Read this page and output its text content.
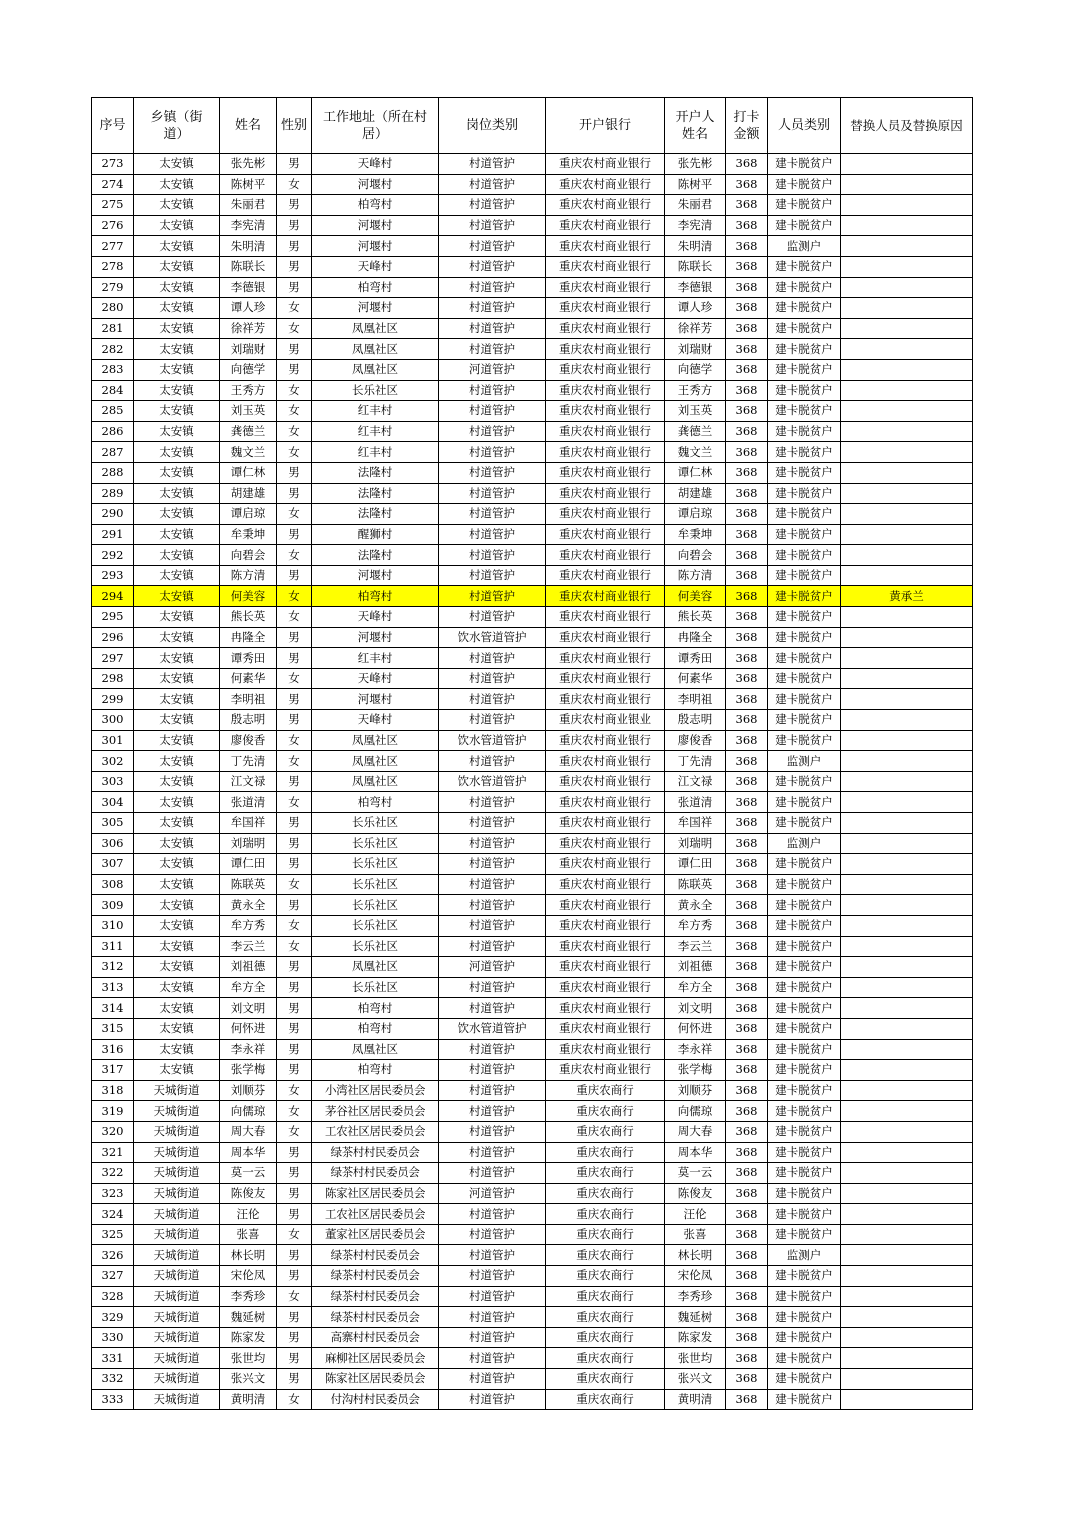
序号	乡镇（街道）	姓名	性别	工作地址（所在村居）	岗位类别	开户银行	开户人姓名	打卡金额	人员类别	替换人员及替换原因
273	太安镇	张先彬	男	天峰村	村道管护	重庆农村商业银行	张先彬	368	建卡脱贫户	
274	太安镇	陈树平	女	河堰村	村道管护	重庆农村商业银行	陈树平	368	建卡脱贫户	
275	太安镇	朱丽君	男	柏弯村	村道管护	重庆农村商业银行	朱丽君	368	建卡脱贫户	
276	太安镇	李宪清	男	河堰村	村道管护	重庆农村商业银行	李宪清	368	建卡脱贫户	
277	太安镇	朱明清	男	河堰村	村道管护	重庆农村商业银行	朱明清	368	监测户	
278	太安镇	陈联长	男	天峰村	村道管护	重庆农村商业银行	陈联长	368	建卡脱贫户	
279	太安镇	李德银	男	柏弯村	村道管护	重庆农村商业银行	李德银	368	建卡脱贫户	
280	太安镇	谭人珍	女	河堰村	村道管护	重庆农村商业银行	谭人珍	368	建卡脱贫户	
281	太安镇	徐祥芳	女	凤凰社区	村道管护	重庆农村商业银行	徐祥芳	368	建卡脱贫户	
282	太安镇	刘瑞财	男	凤凰社区	村道管护	重庆农村商业银行	刘瑞财	368	建卡脱贫户	
283	太安镇	向德学	男	凤凰社区	河道管护	重庆农村商业银行	向德学	368	建卡脱贫户	
284	太安镇	王秀方	女	长乐社区	村道管护	重庆农村商业银行	王秀方	368	建卡脱贫户	
285	太安镇	刘玉英	女	红丰村	村道管护	重庆农村商业银行	刘玉英	368	建卡脱贫户	
286	太安镇	龚德兰	女	红丰村	村道管护	重庆农村商业银行	龚德兰	368	建卡脱贫户	
287	太安镇	魏文兰	女	红丰村	村道管护	重庆农村商业银行	魏文兰	368	建卡脱贫户	
288	太安镇	谭仁林	男	法隆村	村道管护	重庆农村商业银行	谭仁林	368	建卡脱贫户	
289	太安镇	胡建雄	男	法隆村	村道管护	重庆农村商业银行	胡建雄	368	建卡脱贫户	
290	太安镇	谭启琼	女	法隆村	村道管护	重庆农村商业银行	谭启琼	368	建卡脱贫户	
291	太安镇	牟秉坤	男	醒狮村	村道管护	重庆农村商业银行	牟秉坤	368	建卡脱贫户	
292	太安镇	向碧会	女	法隆村	村道管护	重庆农村商业银行	向碧会	368	建卡脱贫户	
293	太安镇	陈方清	男	河堰村	村道管护	重庆农村商业银行	陈方清	368	建卡脱贫户	
294	太安镇	何美容	女	柏弯村	村道管护	重庆农村商业银行	何美容	368	建卡脱贫户	黄承兰
295	太安镇	熊长英	女	天峰村	村道管护	重庆农村商业银行	熊长英	368	建卡脱贫户	
296	太安镇	冉隆全	男	河堰村	饮水管道管护	重庆农村商业银行	冉隆全	368	建卡脱贫户	
297	太安镇	谭秀田	男	红丰村	村道管护	重庆农村商业银行	谭秀田	368	建卡脱贫户	
298	太安镇	何素华	女	天峰村	村道管护	重庆农村商业银行	何素华	368	建卡脱贫户	
299	太安镇	李明祖	男	河堰村	村道管护	重庆农村商业银行	李明祖	368	建卡脱贫户	
300	太安镇	殷志明	男	天峰村	村道管护	重庆农村商业银业	殷志明	368	建卡脱贫户	
301	太安镇	廖俊香	女	凤凰社区	饮水管道管护	重庆农村商业银行	廖俊香	368	建卡脱贫户	
302	太安镇	丁先清	女	凤凰社区	村道管护	重庆农村商业银行	丁先清	368	监测户	
303	太安镇	江文禄	男	凤凰社区	饮水管道管护	重庆农村商业银行	江文禄	368	建卡脱贫户	
304	太安镇	张道清	女	柏弯村	村道管护	重庆农村商业银行	张道清	368	建卡脱贫户	
305	太安镇	牟国祥	男	长乐社区	村道管护	重庆农村商业银行	牟国祥	368	建卡脱贫户	
306	太安镇	刘瑞明	男	长乐社区	村道管护	重庆农村商业银行	刘瑞明	368	监测户	
307	太安镇	谭仁田	男	长乐社区	村道管护	重庆农村商业银行	谭仁田	368	建卡脱贫户	
308	太安镇	陈联英	女	长乐社区	村道管护	重庆农村商业银行	陈联英	368	建卡脱贫户	
309	太安镇	黄永全	男	长乐社区	村道管护	重庆农村商业银行	黄永全	368	建卡脱贫户	
310	太安镇	牟方秀	女	长乐社区	村道管护	重庆农村商业银行	牟方秀	368	建卡脱贫户	
311	太安镇	李云兰	女	长乐社区	村道管护	重庆农村商业银行	李云兰	368	建卡脱贫户	
312	太安镇	刘祖德	男	凤凰社区	河道管护	重庆农村商业银行	刘祖德	368	建卡脱贫户	
313	太安镇	牟方全	男	长乐社区	村道管护	重庆农村商业银行	牟方全	368	建卡脱贫户	
314	太安镇	刘文明	男	柏弯村	村道管护	重庆农村商业银行	刘文明	368	建卡脱贫户	
315	太安镇	何怀进	男	柏弯村	饮水管道管护	重庆农村商业银行	何怀进	368	建卡脱贫户	
316	太安镇	李永祥	男	凤凰社区	村道管护	重庆农村商业银行	李永祥	368	建卡脱贫户	
317	太安镇	张学梅	男	柏弯村	村道管护	重庆农村商业银行	张学梅	368	建卡脱贫户	
318	天城街道	刘顺芬	女	小湾社区居民委员会	村道管护	重庆农商行	刘顺芬	368	建卡脱贫户	
319	天城街道	向儒琼	女	茅谷社区居民委员会	村道管护	重庆农商行	向儒琼	368	建卡脱贫户	
320	天城街道	周大春	女	工农社区居民委员会	村道管护	重庆农商行	周大春	368	建卡脱贫户	
321	天城街道	周本华	男	绿茶村村民委员会	村道管护	重庆农商行	周本华	368	建卡脱贫户	
322	天城街道	莫一云	男	绿茶村村民委员会	村道管护	重庆农商行	莫一云	368	建卡脱贫户	
323	天城街道	陈俊友	男	陈家社区居民委员会	河道管护	重庆农商行	陈俊友	368	建卡脱贫户	
324	天城街道	汪伦	男	工农社区居民委员会	村道管护	重庆农商行	汪伦	368	建卡脱贫户	
325	天城街道	张喜	女	董家社区居民委员会	村道管护	重庆农商行	张喜	368	建卡脱贫户	
326	天城街道	林长明	男	绿茶村村民委员会	村道管护	重庆农商行	林长明	368	监测户	
327	天城街道	宋伦凤	男	绿茶村村民委员会	村道管护	重庆农商行	宋伦凤	368	建卡脱贫户	
328	天城街道	李秀珍	女	绿茶村村民委员会	村道管护	重庆农商行	李秀珍	368	建卡脱贫户	
329	天城街道	魏延树	男	绿茶村村民委员会	村道管护	重庆农商行	魏延树	368	建卡脱贫户	
330	天城街道	陈家发	男	高寨村村民委员会	村道管护	重庆农商行	陈家发	368	建卡脱贫户	
331	天城街道	张世均	男	麻柳社区居民委员会	村道管护	重庆农商行	张世均	368	建卡脱贫户	
332	天城街道	张兴文	男	陈家社区居民委员会	村道管护	重庆农商行	张兴文	368	建卡脱贫户	
333	天城街道	黄明清	女	付沟村村民委员会	村道管护	重庆农商行	黄明清	368	建卡脱贫户	
